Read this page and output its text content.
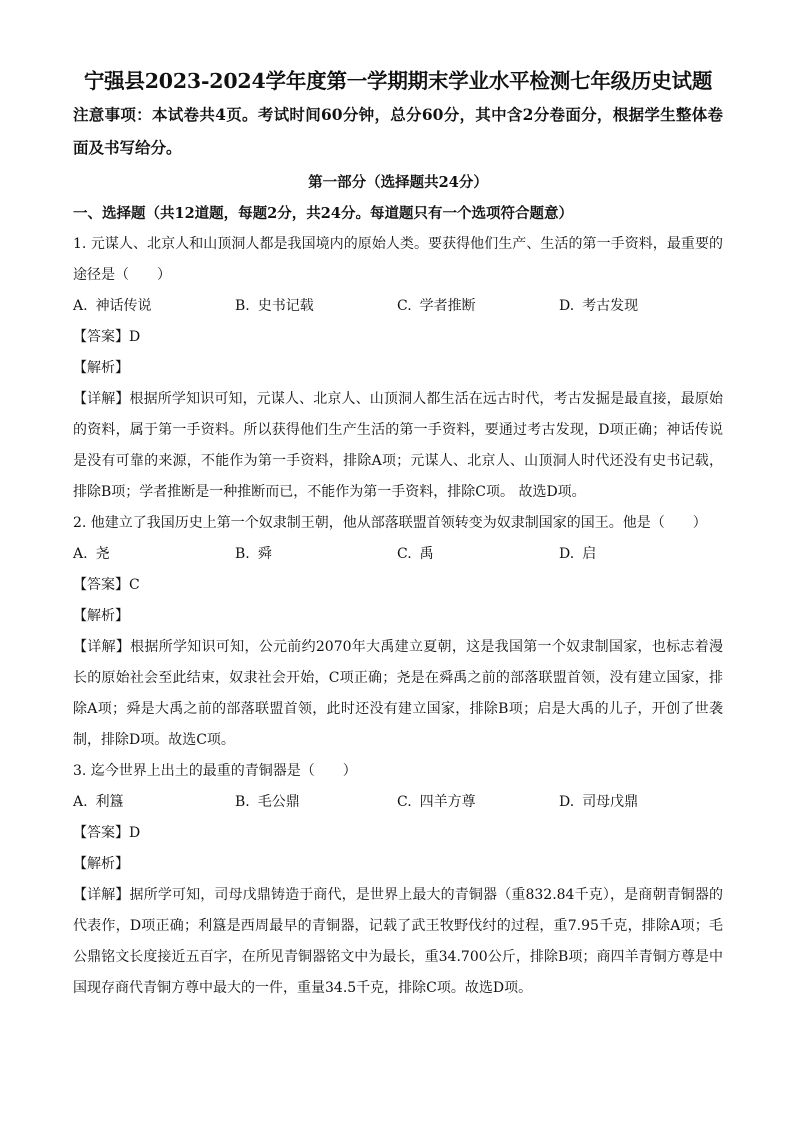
宁强县2023-2024学年度第一学期期末学业水平检测七年级历史试题

注意事项：本试卷共4页。考试时间60分钟，总分60分，其中含2分卷面分，根据学生整体卷面及书写给分。

第一部分（选择题共24分）
一、选择题（共12道题，每题2分，共24分。每道题只有一个选项符合题意）
1. 元谋人、北京人和山顶洞人都是我国境内的原始人类。要获得他们生产、生活的第一手资料，最重要的途径是（　　）
A. 神话传说	B. 史书记载	C. 学者推断	D. 考古发现
【答案】D
【解析】
【详解】根据所学知识可知，元谋人、北京人、山顶洞人都生活在远古时代，考古发掘是最直接，最原始的资料，属于第一手资料。所以获得他们生产生活的第一手资料，要通过考古发现，D项正确；神话传说是没有可靠的来源，不能作为第一手资料，排除A项；元谋人、北京人、山顶洞人时代还没有史书记载，排除B项；学者推断是一种推断而已，不能作为第一手资料，排除C项。 故选D项。
2. 他建立了我国历史上第一个奴隶制王朝，他从部落联盟首领转变为奴隶制国家的国王。他是（　　）
A. 尧	B. 舜	C. 禹	D. 启
【答案】C
【解析】
【详解】根据所学知识可知，公元前约2070年大禹建立夏朝，这是我国第一个奴隶制国家，也标志着漫长的原始社会至此结束，奴隶社会开始，C项正确；尧是在舜禹之前的部落联盟首领，没有建立国家，排除A项；舜是大禹之前的部落联盟首领，此时还没有建立国家，排除B项；启是大禹的儿子，开创了世袭制，排除D项。故选C项。
3. 迄今世界上出土的最重的青铜器是（　　）
A. 利簋	B. 毛公鼎	C. 四羊方尊	D. 司母戊鼎
【答案】D
【解析】
【详解】据所学可知，司母戊鼎铸造于商代，是世界上最大的青铜器（重832.84千克），是商朝青铜器的代表作，D项正确；利簋是西周最早的青铜器，记载了武王牧野伐纣的过程，重7.95千克，排除A项；毛公鼎铭文长度接近五百字，在所见青铜器铭文中为最长，重34.700公斤，排除B项；商四羊青铜方尊是中国现存商代青铜方尊中最大的一件，重量34.5千克，排除C项。故选D项。
